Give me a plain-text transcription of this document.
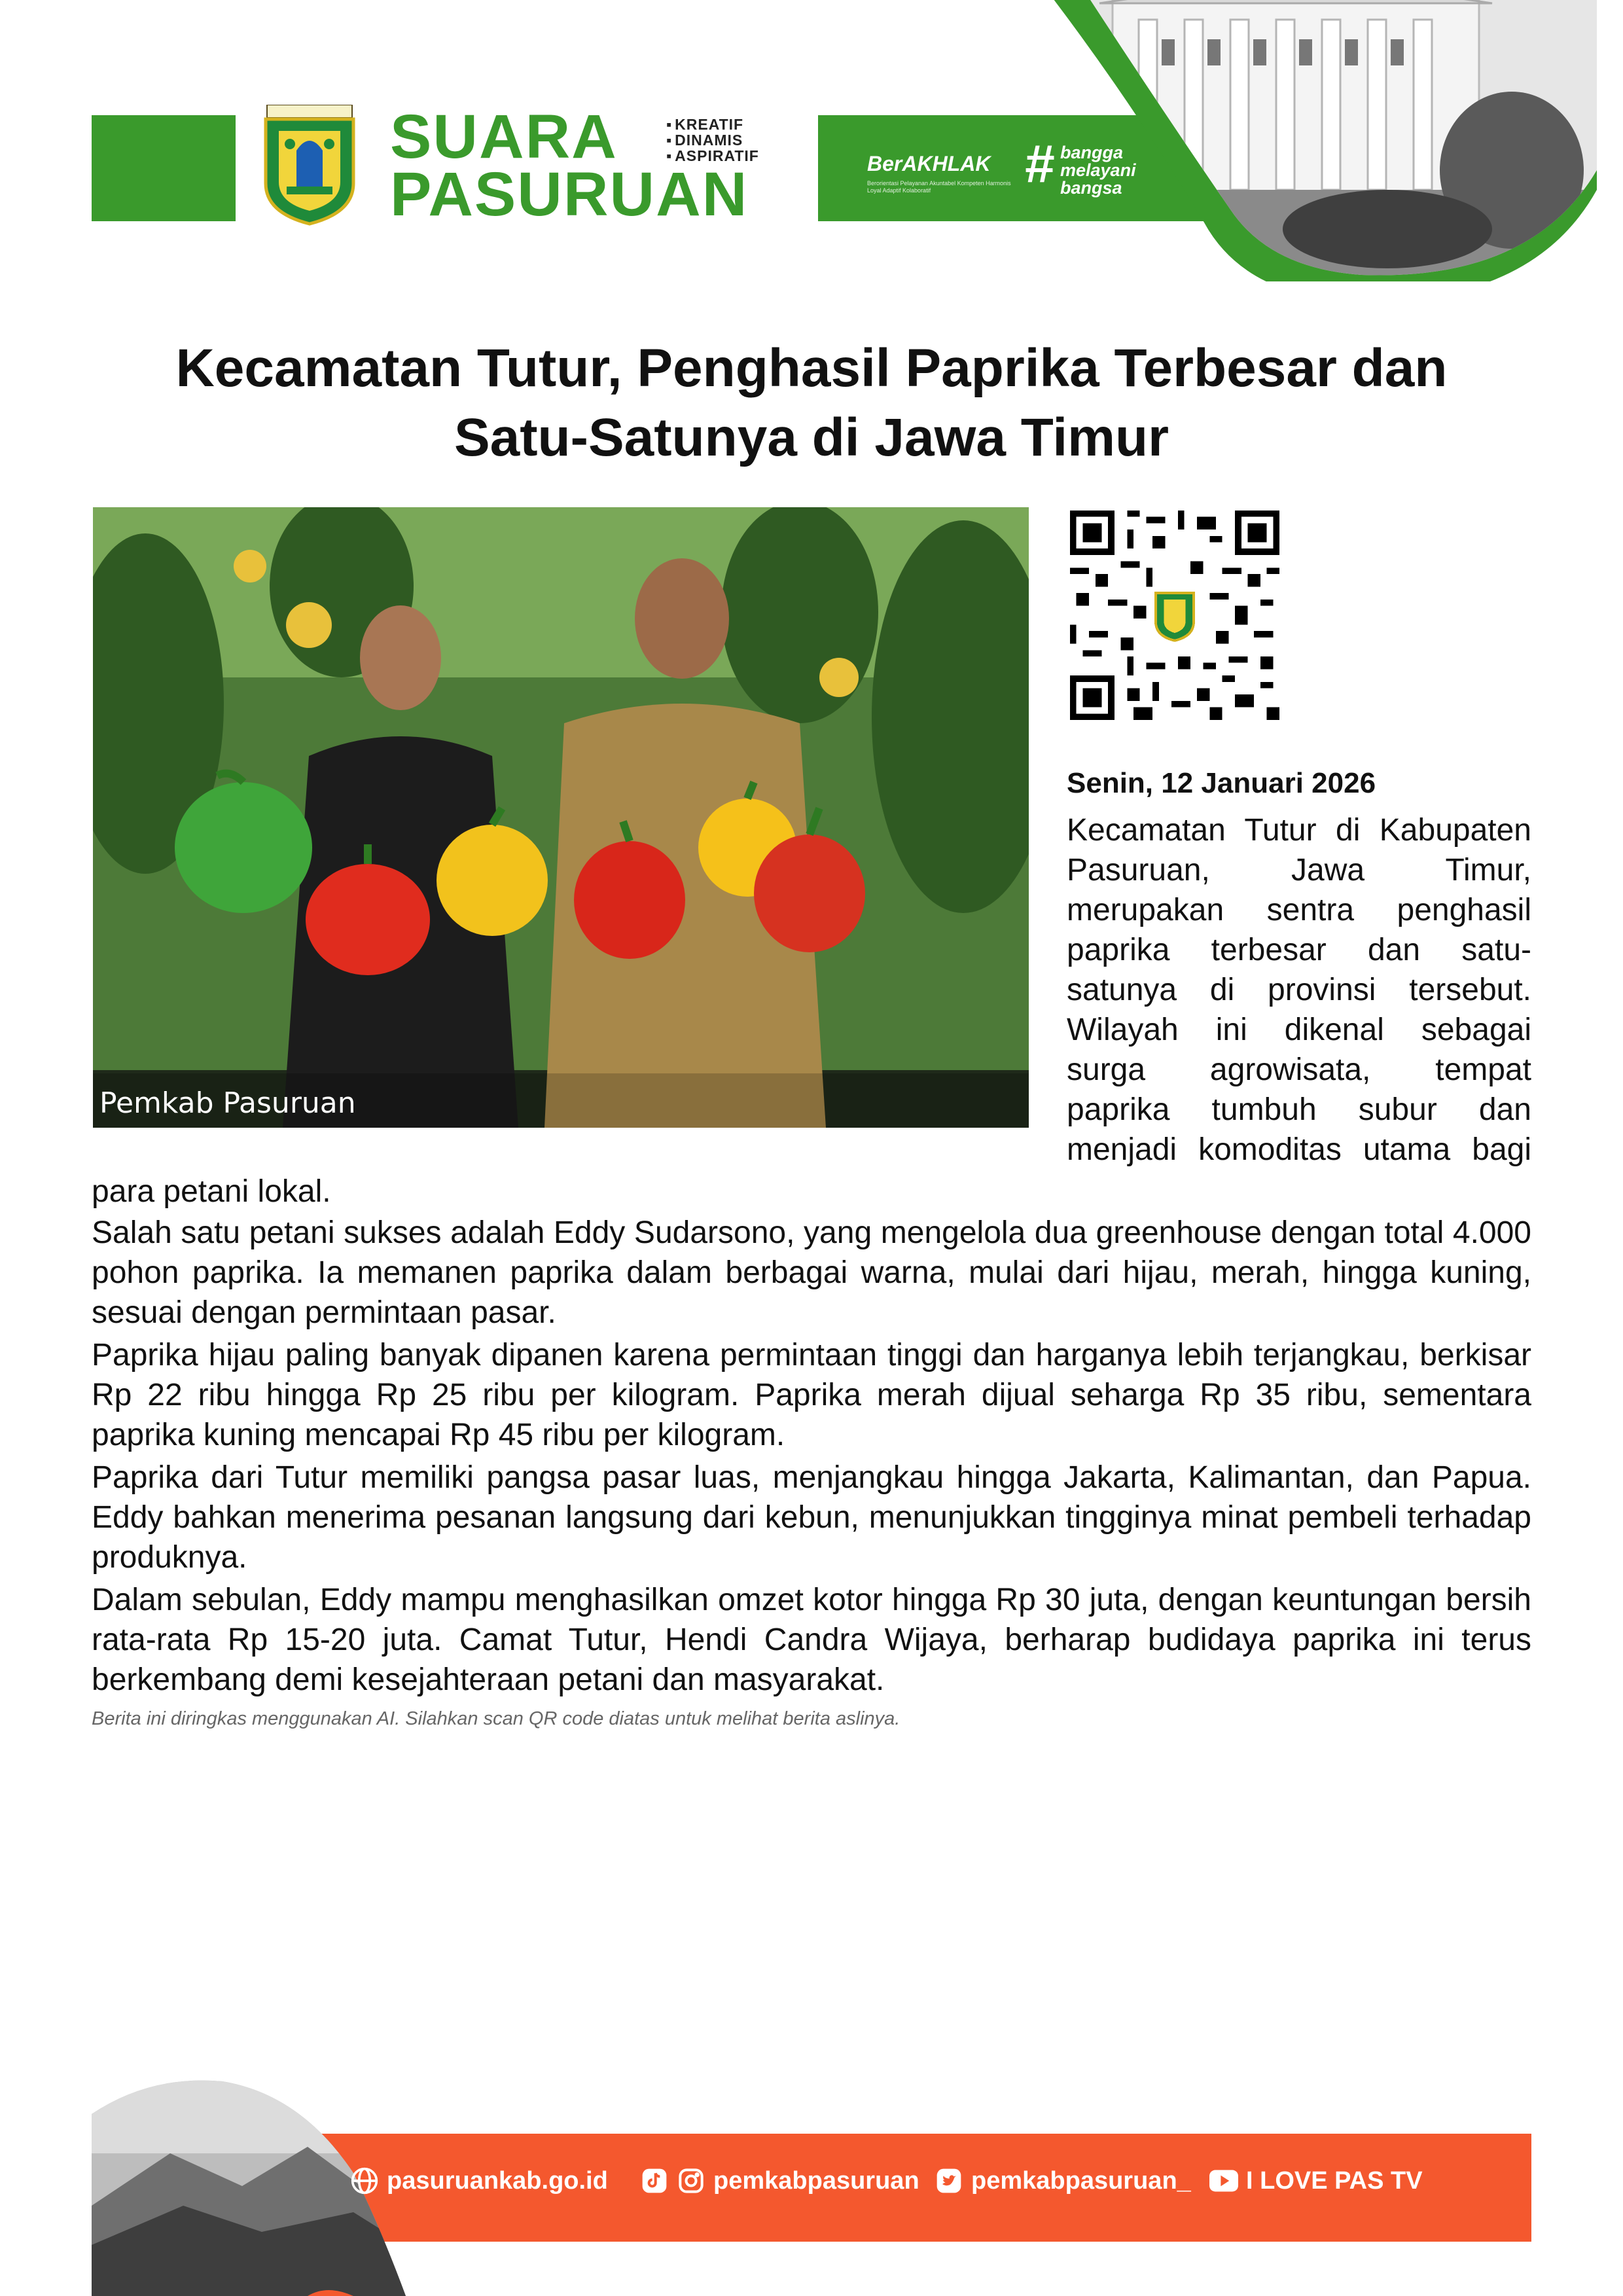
SUARA
PASURUAN
▪ KREATIF
▪ DINAMIS
▪ ASPIRATIF	BerAKHLAK
Berorientasi Pelayanan Akuntabel Kompeten Harmonis Loyal Adaptif Kolaboratif	# bangga
melayani
bangsa
Kecamatan Tutur, Penghasil Paprika Terbesar dan
Satu-Satunya di Jawa Timur
Pemkab Pasuruan
Senin, 12 Januari 2026
Kecamatan Tutur di Kabupaten
Pasuruan, Jawa Timur,
merupakan sentra penghasil
paprika terbesar dan satu-
satunya di provinsi tersebut.
Wilayah ini dikenal sebagai
surga agrowisata, tempat
paprika tumbuh subur dan
menjadi komoditas utama bagi
para petani lokal.

Salah satu petani sukses adalah Eddy Sudarsono, yang mengelola dua greenhouse dengan total 4.000 pohon paprika. Ia memanen paprika dalam berbagai warna, mulai dari hijau, merah, hingga kuning, sesuai dengan permintaan pasar.

Paprika hijau paling banyak dipanen karena permintaan tinggi dan harganya lebih terjangkau, berkisar Rp 22 ribu hingga Rp 25 ribu per kilogram. Paprika merah dijual seharga Rp 35 ribu, sementara paprika kuning mencapai Rp 45 ribu per kilogram.

Paprika dari Tutur memiliki pangsa pasar luas, menjangkau hingga Jakarta, Kalimantan, dan Papua. Eddy bahkan menerima pesanan langsung dari kebun, menunjukkan tingginya minat pembeli terhadap produknya.

Dalam sebulan, Eddy mampu menghasilkan omzet kotor hingga Rp 30 juta, dengan keuntungan bersih rata-rata Rp 15-20 juta. Camat Tutur, Hendi Candra Wijaya, berharap budidaya paprika ini terus berkembang demi kesejahteraan petani dan masyarakat.

Berita ini diringkas menggunakan AI. Silahkan scan QR code diatas untuk melihat berita aslinya.
pasuruankab.go.id	pemkabpasuruan pemkabpasuruan_ I LOVE PAS TV
